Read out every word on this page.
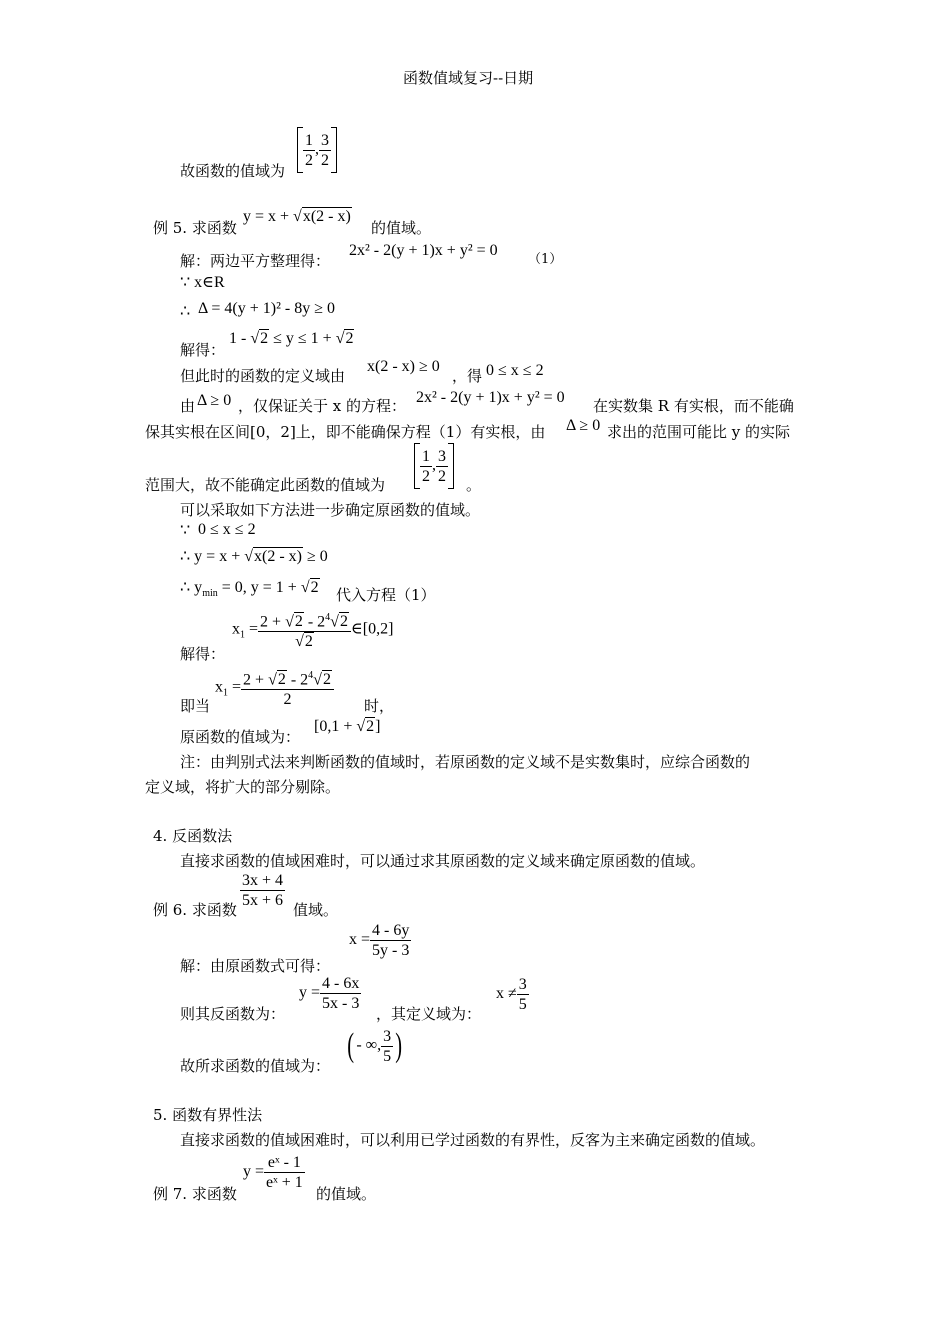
函数值域复习--日期
故函数的值域为
$\frac{1}{2}$ , $\frac{3}{2}$
例 5. 求函数
y = x + √x(2 - x)
的值域。
解：两边平方整理得：
2x² - 2(y + 1)x + y² = 0
（1）
∵ x∈R
∴ Δ = 4(y + 1)² - 8y ≥ 0
解得：
1 - √2 ≤ y ≤ 1 + √2
但此时的函数的定义域由
x(2 - x) ≥ 0
，得 0 ≤ x ≤ 2
由 Δ ≥ 0 ，仅保证关于 x 的方程： 2x² - 2(y + 1)x + y² = 0 在实数集 R 有实根，而不能确
保其实根在区间[0，2]上，即不能确保方程（1）有实根，由 Δ ≥ 0 求出的范围可能比 y 的实际
范围大，故不能确定此函数的值域为 $\frac{1}{2}$ , $\frac{3}{2}$ 。
可以采取如下方法进一步确定原函数的值域。
∵ 0 ≤ x ≤ 2
∴ y = x + √x(2 - x) ≥ 0
∴ $y_{min} = 0$, y = 1 + √2 代入方程（1）
解得：
$x_1 = \frac{2 + √2 - 2^4√2}{√2}$ ∈[0,2]
即当
$x_1 = \frac{2 + √2 - 2^4√2}{2}$ 时，
原函数的值域为：
[0,1 + √2]
注：由判别式法来判断函数的值域时，若原函数的定义域不是实数集时，应综合函数的
定义域，将扩大的部分剔除。
4. 反函数法
直接求函数的值域困难时，可以通过求其原函数的定义域来确定原函数的值域。
例 6. 求函数 $\frac{3x + 4}{5x + 6}$ 值域。
解：由原函数式可得：
$x = \frac{4 - 6y}{5y - 3}$
则其反函数为：
$y = \frac{4 - 6x}{5x - 3}$
，其定义域为：
$x \ne \frac{3}{5}$
故所求函数的值域为：
( - ∞, $\frac{3}{5}$ )
5. 函数有界性法
直接求函数的值域困难时，可以利用已学过函数的有界性，反客为主来确定函数的值域。
例 7. 求函数
$y = \frac{\text{eˣ - 1}}{\text{eˣ + 1}}$
的值域。
